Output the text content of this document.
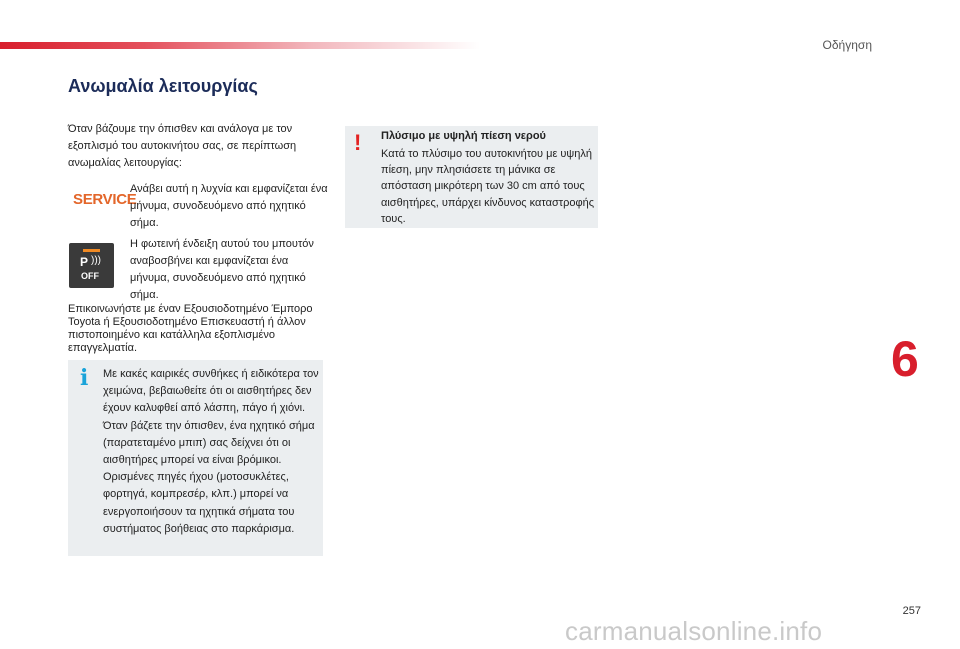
Οδήγηση
Ανωμαλία λειτουργίας

Όταν βάζουμε την όπισθεν και ανάλογα με τον εξοπλισμό του αυτοκινήτου σας, σε περίπτωση ανωμαλίας λειτουργίας:

SERVICE

Ανάβει αυτή η λυχνία και εμφανίζεται ένα μήνυμα, συνοδευόμενο από ηχητικό σήμα.

P )))
OFF

Η φωτεινή ένδειξη αυτού του μπουτόν αναβοσβήνει και εμφανίζεται ένα μήνυμα, συνοδευόμενο από ηχητικό σήμα.

Επικοινωνήστε με έναν Εξουσιοδοτημένο Έμπορο Toyota ή Εξουσιοδοτημένο Επισκευαστή ή άλλον πιστοποιημένο και κατάλληλα εξοπλισμένο επαγγελματία.

i Με κακές καιρικές συνθήκες ή ειδικότερα τον χειμώνα, βεβαιωθείτε ότι οι αισθητήρες δεν έχουν καλυφθεί από λάσπη, πάγο ή χιόνι. Όταν βάζετε την όπισθεν, ένα ηχητικό σήμα (παρατεταμένο μπιπ) σας δείχνει ότι οι αισθητήρες μπορεί να είναι βρόμικοι. Ορισμένες πηγές ήχου (μοτοσυκλέτες, φορτηγά, κομπρεσέρ, κλπ.) μπορεί να ενεργοποιήσουν τα ηχητικά σήματα του συστήματος βοήθειας στο παρκάρισμα.

! Πλύσιμο με υψηλή πίεση νερού

Κατά το πλύσιμο του αυτοκινήτου με υψηλή πίεση, μην πλησιάσετε τη μάνικα σε απόσταση μικρότερη των 30 cm από τους αισθητήρες, υπάρχει κίνδυνος καταστροφής τους.

6
257
carmanualsonline.info
